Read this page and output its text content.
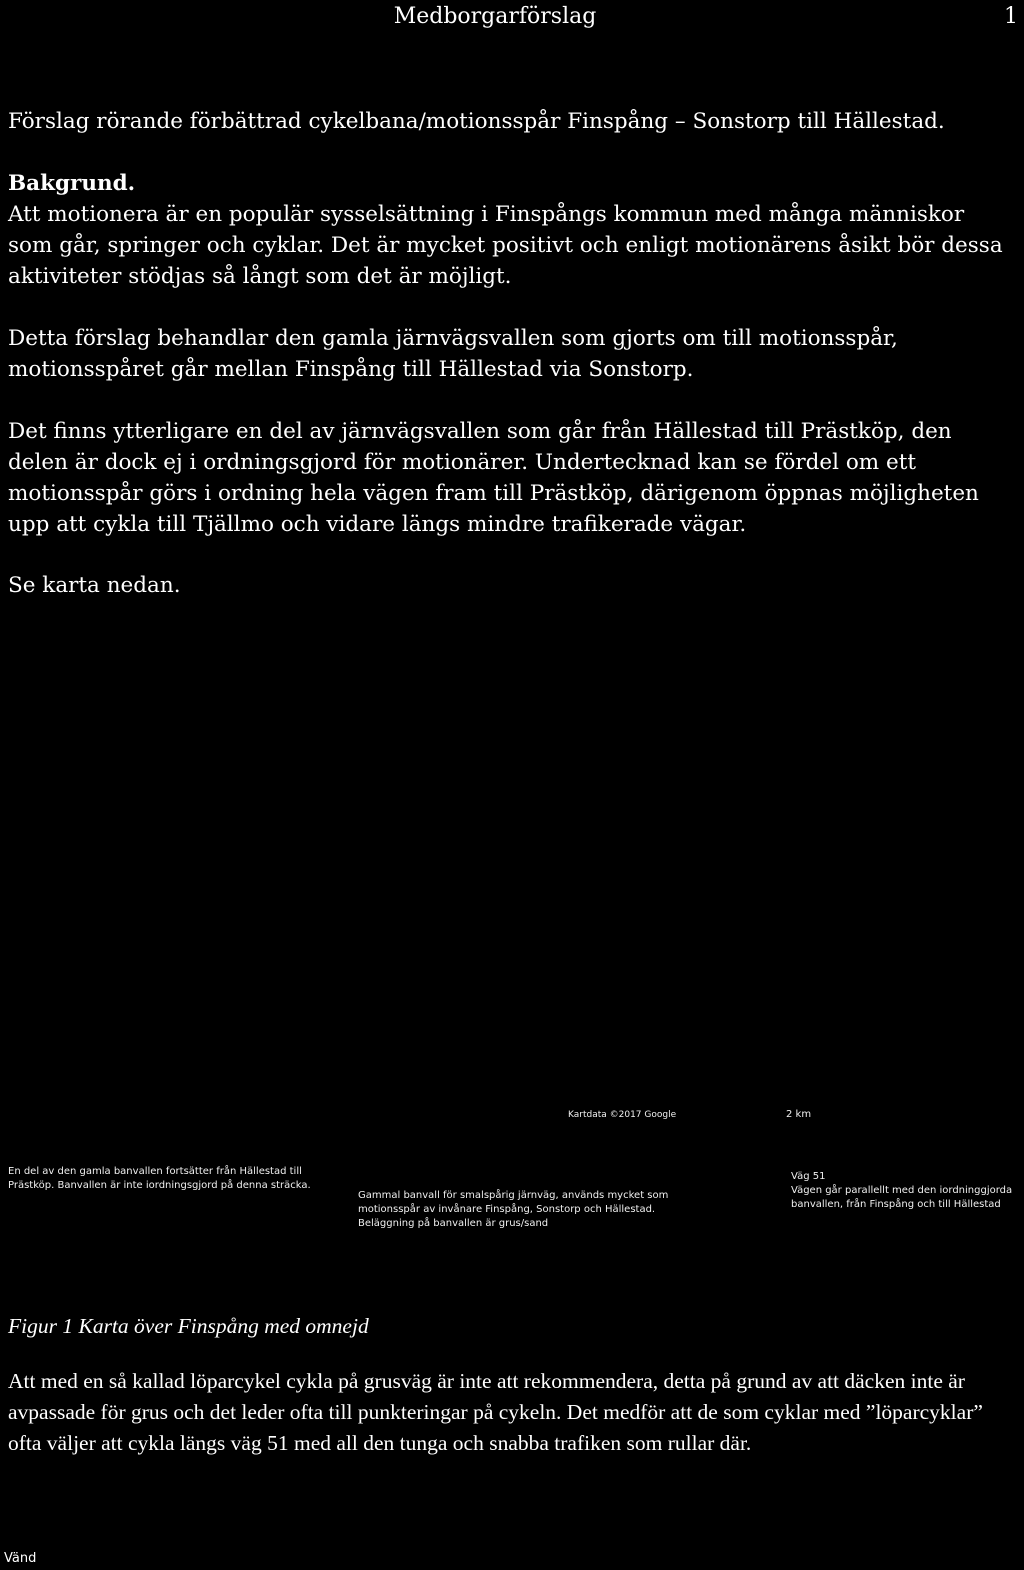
Medborgarförslag	1

Förslag rörande förbättrad cykelbana/motionsspår Finspång – Sonstorp till Hällestad.

Bakgrund.

Att motionera är en populär sysselsättning i Finspångs kommun med många människor som går, springer och cyklar. Det är mycket positivt och enligt motionärens åsikt bör dessa aktiviteter stödjas så långt som det är möjligt.

Detta förslag behandlar den gamla järnvägsvallen som gjorts om till motionsspår, motionsspåret går mellan Finspång till Hällestad via Sonstorp.

Det finns ytterligare en del av järnvägsvallen som går från Hällestad till Prästköp, den delen är dock ej i ordningsgjord för motionärer. Undertecknad kan se fördel om ett motionsspår görs i ordning hela vägen fram till Prästköp, därigenom öppnas möjligheten upp att cykla till Tjällmo och vidare längs mindre trafikerade vägar.

Se karta nedan.

Kartdata ©2017 Google	2 km
En del av den gamla banvallen fortsätter från Hällestad till Prästköp. Banvallen är inte iordningsgjord på denna sträcka.
Gammal banvall för smalspårig järnväg, används mycket som motionsspår av invånare Finspång, Sonstorp och Hällestad. Beläggning på banvallen är grus/sand
Väg 51
Vägen går parallellt med den iordninggjorda banvallen, från Finspång och till Hällestad
Figur 1 Karta över Finspång med omnejd

Att med en så kallad löparcykel cykla på grusväg är inte att rekommendera, detta på grund av att däcken inte är avpassade för grus och det leder ofta till punkteringar på cykeln. Det medför att de som cyklar med ”löparcyklar” ofta väljer att cykla längs väg 51 med all den tunga och snabba trafiken som rullar där.

Vänd
